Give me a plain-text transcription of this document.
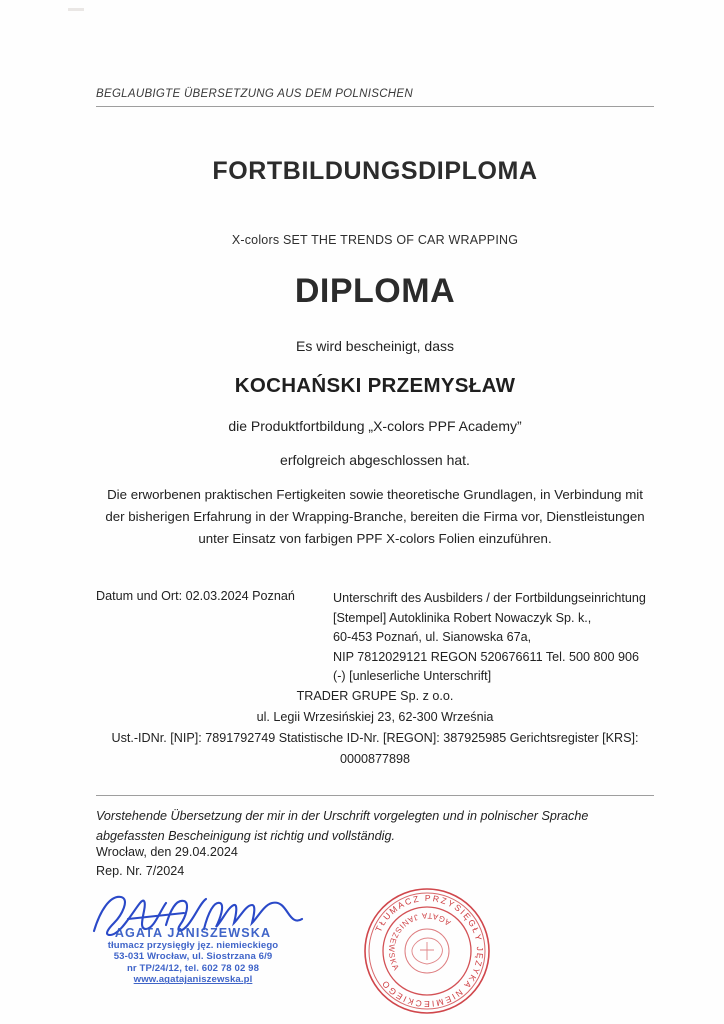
BEGLAUBIGTE ÜBERSETZUNG AUS DEM POLNISCHEN
FORTBILDUNGSDIPLOMA
X-colors SET THE TRENDS OF CAR WRAPPING
DIPLOMA
Es wird bescheinigt, dass
KOCHAŃSKI PRZEMYSŁAW
die Produktfortbildung „X-colors PPF Academy”
erfolgreich abgeschlossen hat.
Die erworbenen praktischen Fertigkeiten sowie theoretische Grundlagen, in Verbindung mit der bisherigen Erfahrung in der Wrapping-Branche, bereiten die Firma vor, Dienstleistungen unter Einsatz von farbigen PPF X-colors Folien einzuführen.
Datum und Ort: 02.03.2024 Poznań	Unterschrift des Ausbilders / der Fortbildungseinrichtung
[Stempel] Autoklinika Robert Nowaczyk Sp. k.,
60-453 Poznań, ul. Sianowska 67a,
NIP 7812029121 REGON 520676611 Tel. 500 800 906
(-) [unleserliche Unterschrift]
TRADER GRUPE Sp. z o.o.
ul. Legii Wrzesińskiej 23, 62-300 Września
Ust.-IDNr. [NIP]: 7891792749 Statistische ID-Nr. [REGON]: 387925985 Gerichtsregister [KRS]:
0000877898
Vorstehende Übersetzung der mir in der Urschrift vorgelegten und in polnischer Sprache abgefassten Bescheinigung ist richtig und vollständig.
Wrocław, den 29.04.2024
Rep. Nr. 7/2024
AGATA JANISZEWSKA
tłumacz przysięgły jęz. niemieckiego
53-031 Wrocław, ul. Siostrzana 6/9
nr TP/24/12, tel. 602 78 02 98
www.agatajaniszewska.pl
TŁUMACZ PRZYSIĘGŁY JĘZYKA NIEMIECKIEGO
AGATA JANISZEWSKA
